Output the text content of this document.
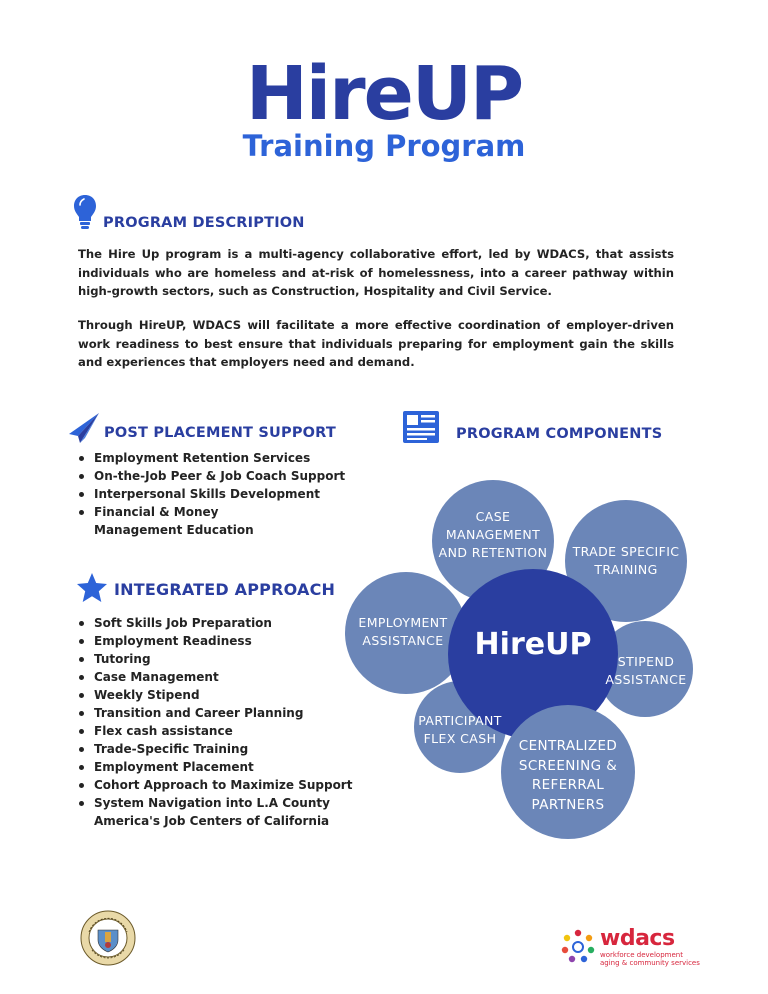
HireUP
Training Program
PROGRAM DESCRIPTION
The Hire Up program is a multi-agency collaborative effort, led by WDACS, that assists individuals who are homeless and at-risk of homelessness, into a career pathway within high-growth sectors, such as Construction, Hospitality and Civil Service.
Through HireUP, WDACS will facilitate a more effective coordination of employer-driven work readiness to best ensure that individuals preparing for employment gain the skills and experiences that employers need and demand.
POST PLACEMENT SUPPORT
Employment Retention Services
On-the-Job Peer & Job Coach Support
Interpersonal Skills Development
Financial & Money Management Education
INTEGRATED APPROACH
Soft Skills Job Preparation
Employment Readiness
Tutoring
Case Management
Weekly Stipend
Transition and Career Planning
Flex cash assistance
Trade-Specific Training
Employment Placement
Cohort Approach to Maximize Support
System Navigation into L.A County America's Job Centers of California
PROGRAM COMPONENTS
CASE MANAGEMENT AND RETENTION	TRADE SPECIFIC TRAINING
EMPLOYMENT ASSISTANCE
STIPEND ASSISTANCE
PARTICIPANT FLEX CASH	CENTRALIZED SCREENING & REFERRAL PARTNERS
HireUP
wdacs
workforce development
aging & community services
